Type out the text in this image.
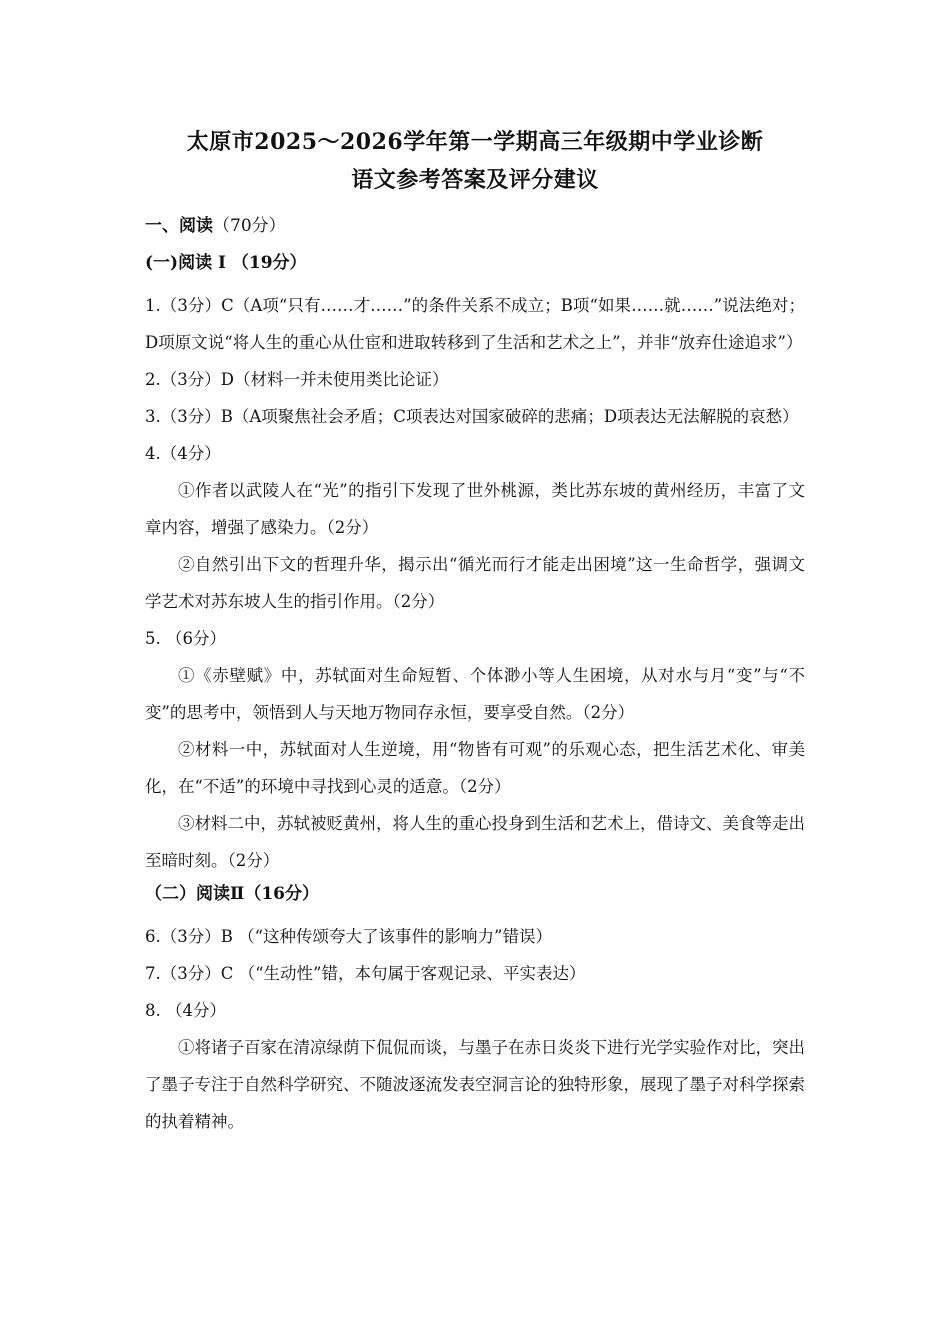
太原市2025～2026学年第一学期高三年级期中学业诊断
语文参考答案及评分建议
一、阅读（70分）
(一)阅读 Ⅰ （19分）

1.（3分）C（A项“只有……才……”的条件关系不成立；B项“如果……就……”说法绝对；D项原文说“将人生的重心从仕宦和进取转移到了生活和艺术之上”，并非“放弃仕途追求”）

2.（3分）D（材料一并未使用类比论证）

3.（3分）B（A项聚焦社会矛盾；C项表达对国家破碎的悲痛；D项表达无法解脱的哀愁）

4.（4分）

①作者以武陵人在“光”的指引下发现了世外桃源，类比苏东坡的黄州经历，丰富了文章内容，增强了感染力。（2分）

②自然引出下文的哲理升华，揭示出“循光而行才能走出困境”这一生命哲学，强调文学艺术对苏东坡人生的指引作用。（2分）

5. （6分）

①《赤壁赋》中，苏轼面对生命短暂、个体渺小等人生困境，从对水与月“变”与“不变”的思考中，领悟到人与天地万物同存永恒，要享受自然。（2分）

②材料一中，苏轼面对人生逆境，用“物皆有可观”的乐观心态，把生活艺术化、审美化，在“不适”的环境中寻找到心灵的适意。（2分）

③材料二中，苏轼被贬黄州，将人生的重心投身到生活和艺术上，借诗文、美食等走出至暗时刻。（2分）

（二）阅读Ⅱ（16分）

6.（3分）B （“这种传颂夸大了该事件的影响力”错误）

7.（3分）C （“生动性”错，本句属于客观记录、平实表达）

8. （4分）

①将诸子百家在清凉绿荫下侃侃而谈，与墨子在赤日炎炎下进行光学实验作对比，突出了墨子专注于自然科学研究、不随波逐流发表空洞言论的独特形象，展现了墨子对科学探索的执着精神。
